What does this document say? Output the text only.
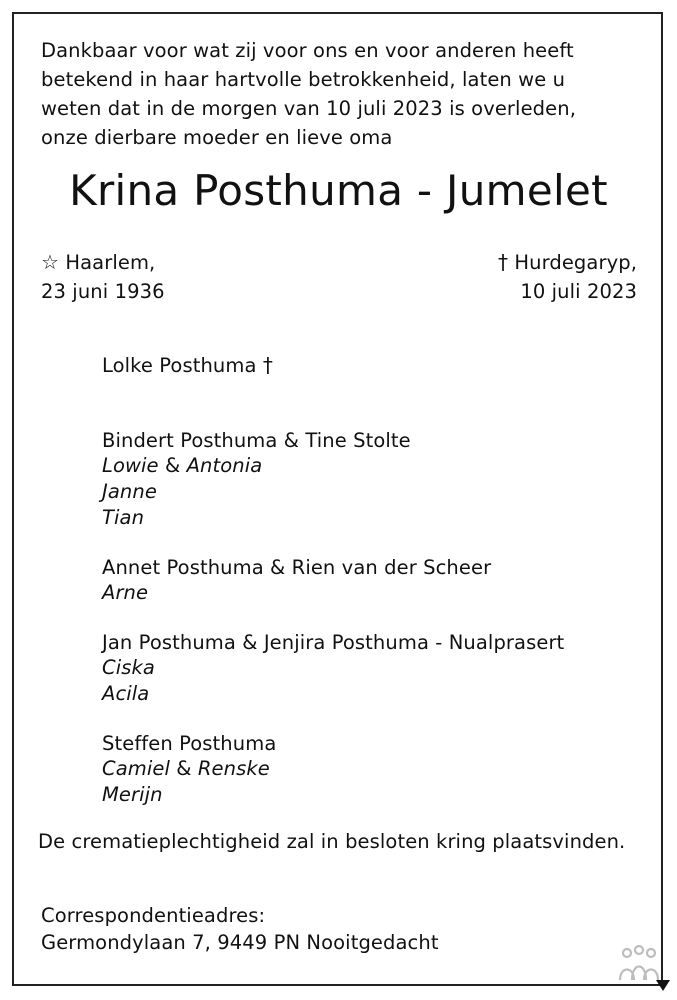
Dankbaar voor wat zij voor ons en voor anderen heeft
betekend in haar hartvolle betrokkenheid, laten we u
weten dat in de morgen van 10 juli 2023 is overleden,
onze dierbare moeder en lieve oma
Krina Posthuma - Jumelet
☆ Haarlem,
23 juni 1936
† Hurdegaryp,
10 juli 2023
Lolke Posthuma †
Bindert Posthuma & Tine Stolte
Lowie & Antonia
Janne
Tian
Annet Posthuma & Rien van der Scheer
Arne
Jan Posthuma & Jenjira Posthuma - Nualprasert
Ciska
Acila
Steffen Posthuma
Camiel & Renske
Merijn
De crematieplechtigheid zal in besloten kring plaatsvinden.
Correspondentieadres:
Germondylaan 7, 9449 PN Nooitgedacht
